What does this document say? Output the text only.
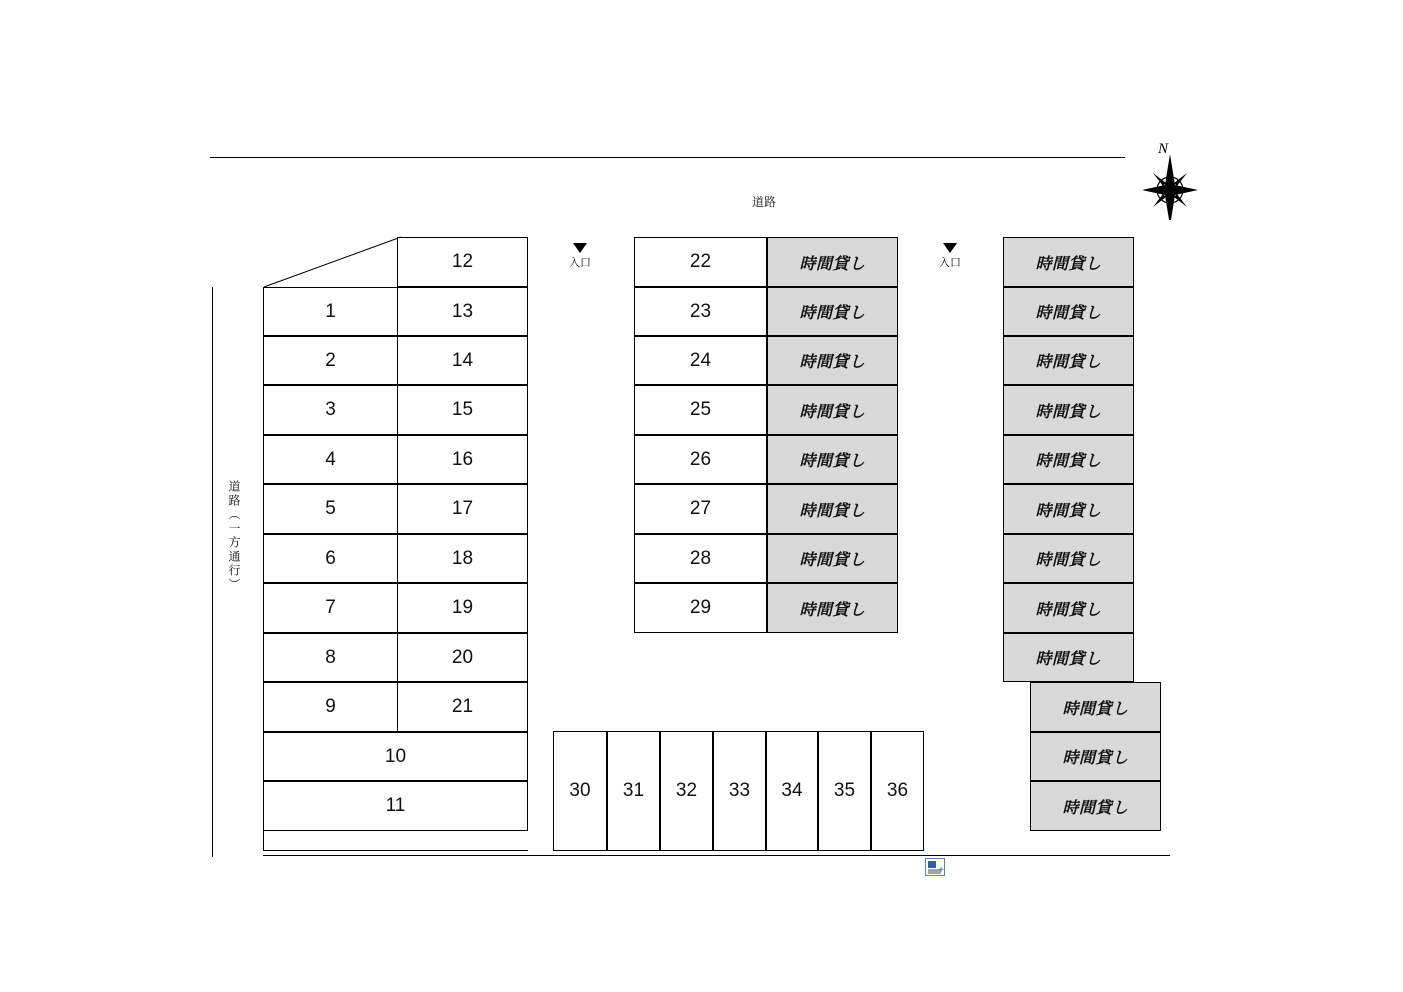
道路
道路（一方通行）
N
入口	入口
12
13
14
15
16
17
18
19
20
21
1
2
3
4
5
6
7
8
9
10
11
22
23
24
25
26
27
28
29
時間貸し
時間貸し
時間貸し
時間貸し
時間貸し
時間貸し
時間貸し
時間貸し
時間貸し
時間貸し
時間貸し
時間貸し
時間貸し
時間貸し
時間貸し
時間貸し
時間貸し
時間貸し
時間貸し
時間貸し
30	31	32	33	34	35	36
+
